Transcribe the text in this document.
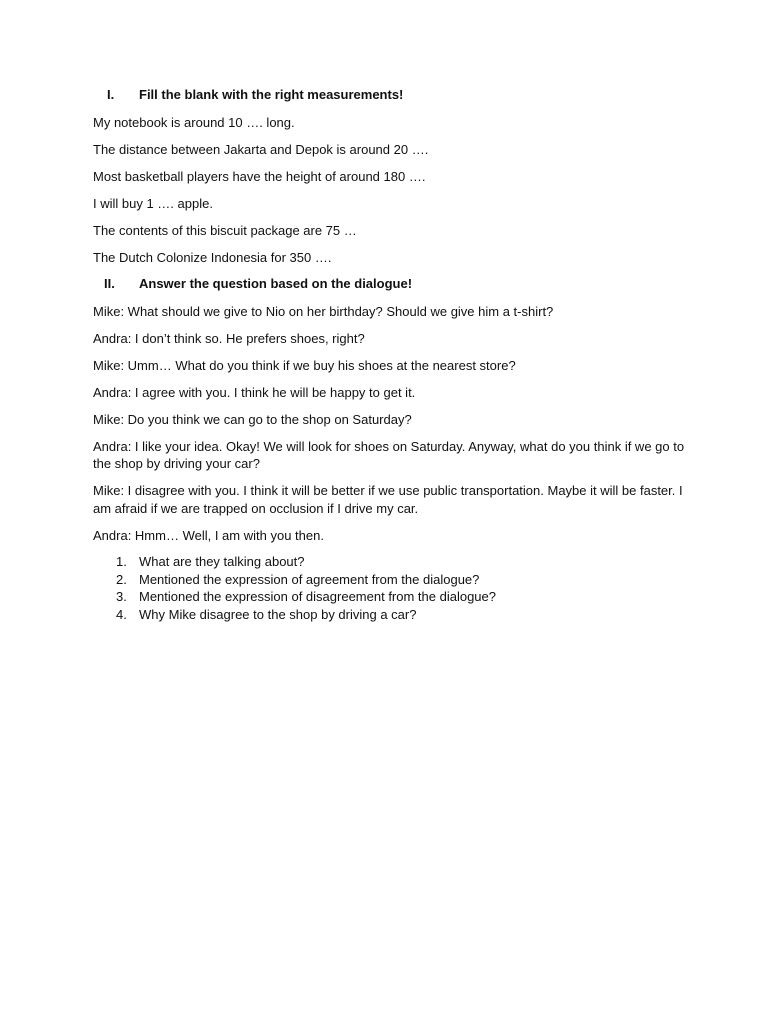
I.	Fill the blank with the right measurements!

My notebook is around 10 …. long.

The distance between Jakarta and Depok is around 20 ….

Most basketball players have the height of around 180 ….

I will buy 1 …. apple.

The contents of this biscuit package are 75 …

The Dutch Colonize Indonesia for 350 ….

II.	Answer the question based on the dialogue!

Mike: What should we give to Nio on her birthday? Should we give him a t-shirt?

Andra: I don’t think so. He prefers shoes, right?

Mike: Umm… What do you think if we buy his shoes at the nearest store?

Andra: I agree with you. I think he will be happy to get it.

Mike: Do you think we can go to the shop on Saturday?

Andra: I like your idea. Okay! We will look for shoes on Saturday. Anyway, what do you think if we go to the shop by driving your car?

Mike: I disagree with you. I think it will be better if we use public transportation. Maybe it will be faster. I am afraid if we are trapped on occlusion if I drive my car.

Andra: Hmm… Well, I am with you then.

1. What are they talking about?
2. Mentioned the expression of agreement from the dialogue?
3. Mentioned the expression of disagreement from the dialogue?
4. Why Mike disagree to the shop by driving a car?
